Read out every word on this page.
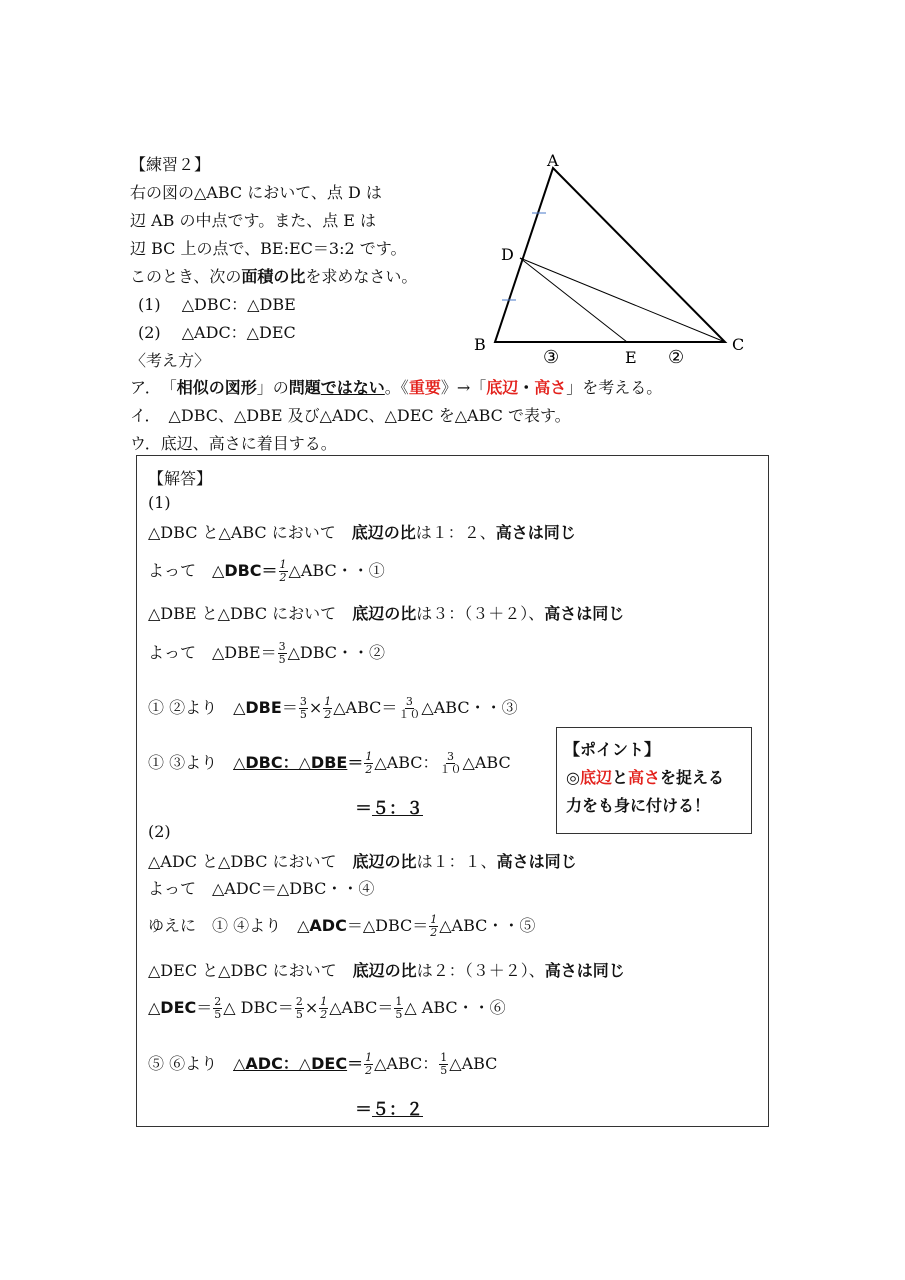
【練習２】
右の図の△ABC において、点 D は
辺 AB の中点です。また、点 E は
辺 BC 上の点で、BE:EC＝3:2 です。
このとき、次の面積の比を求めなさい。
(1)　 △DBC：△DBE
(2)　 △ADC：△DEC
A
B	C
D
E
③	②
〈考え方〉
ア．　「相似の図形」の問題ではない。《重要》→「底辺・高さ」を考える。
イ．　△DBC、△DBE 及び△ADC、△DEC を△ABC で表す。
ウ．底辺、高さに着目する。
【解答】
(1)
△DBC と△ABC において　底辺の比は１：２、高さは同じ
よって　△DBC＝ $\frac{1}{2}$ △ABC・・①
△DBE と△DBC において　底辺の比は３：（３＋２）、高さは同じ
よって　△DBE＝ $\frac{3}{5}$ △DBC・・②
① ②より　△DBE＝ $\frac{3}{5} \times \frac{1}{2}$ △ABC＝ $\frac{3}{10}$ △ABC・・③
① ③より　△DBC：△DBE＝ $\frac{1}{2}$ △ABC： $\frac{3}{10}$ △ABC
＝５：３
【ポイント】
◎底辺と高さを捉える
力をも身に付ける！
(2)
△ADC と△DBC において　底辺の比は１：１、高さは同じ
よって　△ADC＝△DBC・・④
ゆえに　① ④より　△ADC＝△DBC＝ $\frac{1}{2}$ △ABC・・⑤
△DEC と△DBC において　底辺の比は２：（３＋２）、高さは同じ
△DEC＝ $\frac{2}{5}$ △ $DBC= \frac{2}{5} \times \frac{1}{2}$ △ABC＝ $\frac{1}{5}$ △ ABC・・⑥
⑤ ⑥より　△ADC：△DEC＝ $\frac{1}{2}$ △ABC： $\frac{1}{5}$ △ABC
＝５：２
